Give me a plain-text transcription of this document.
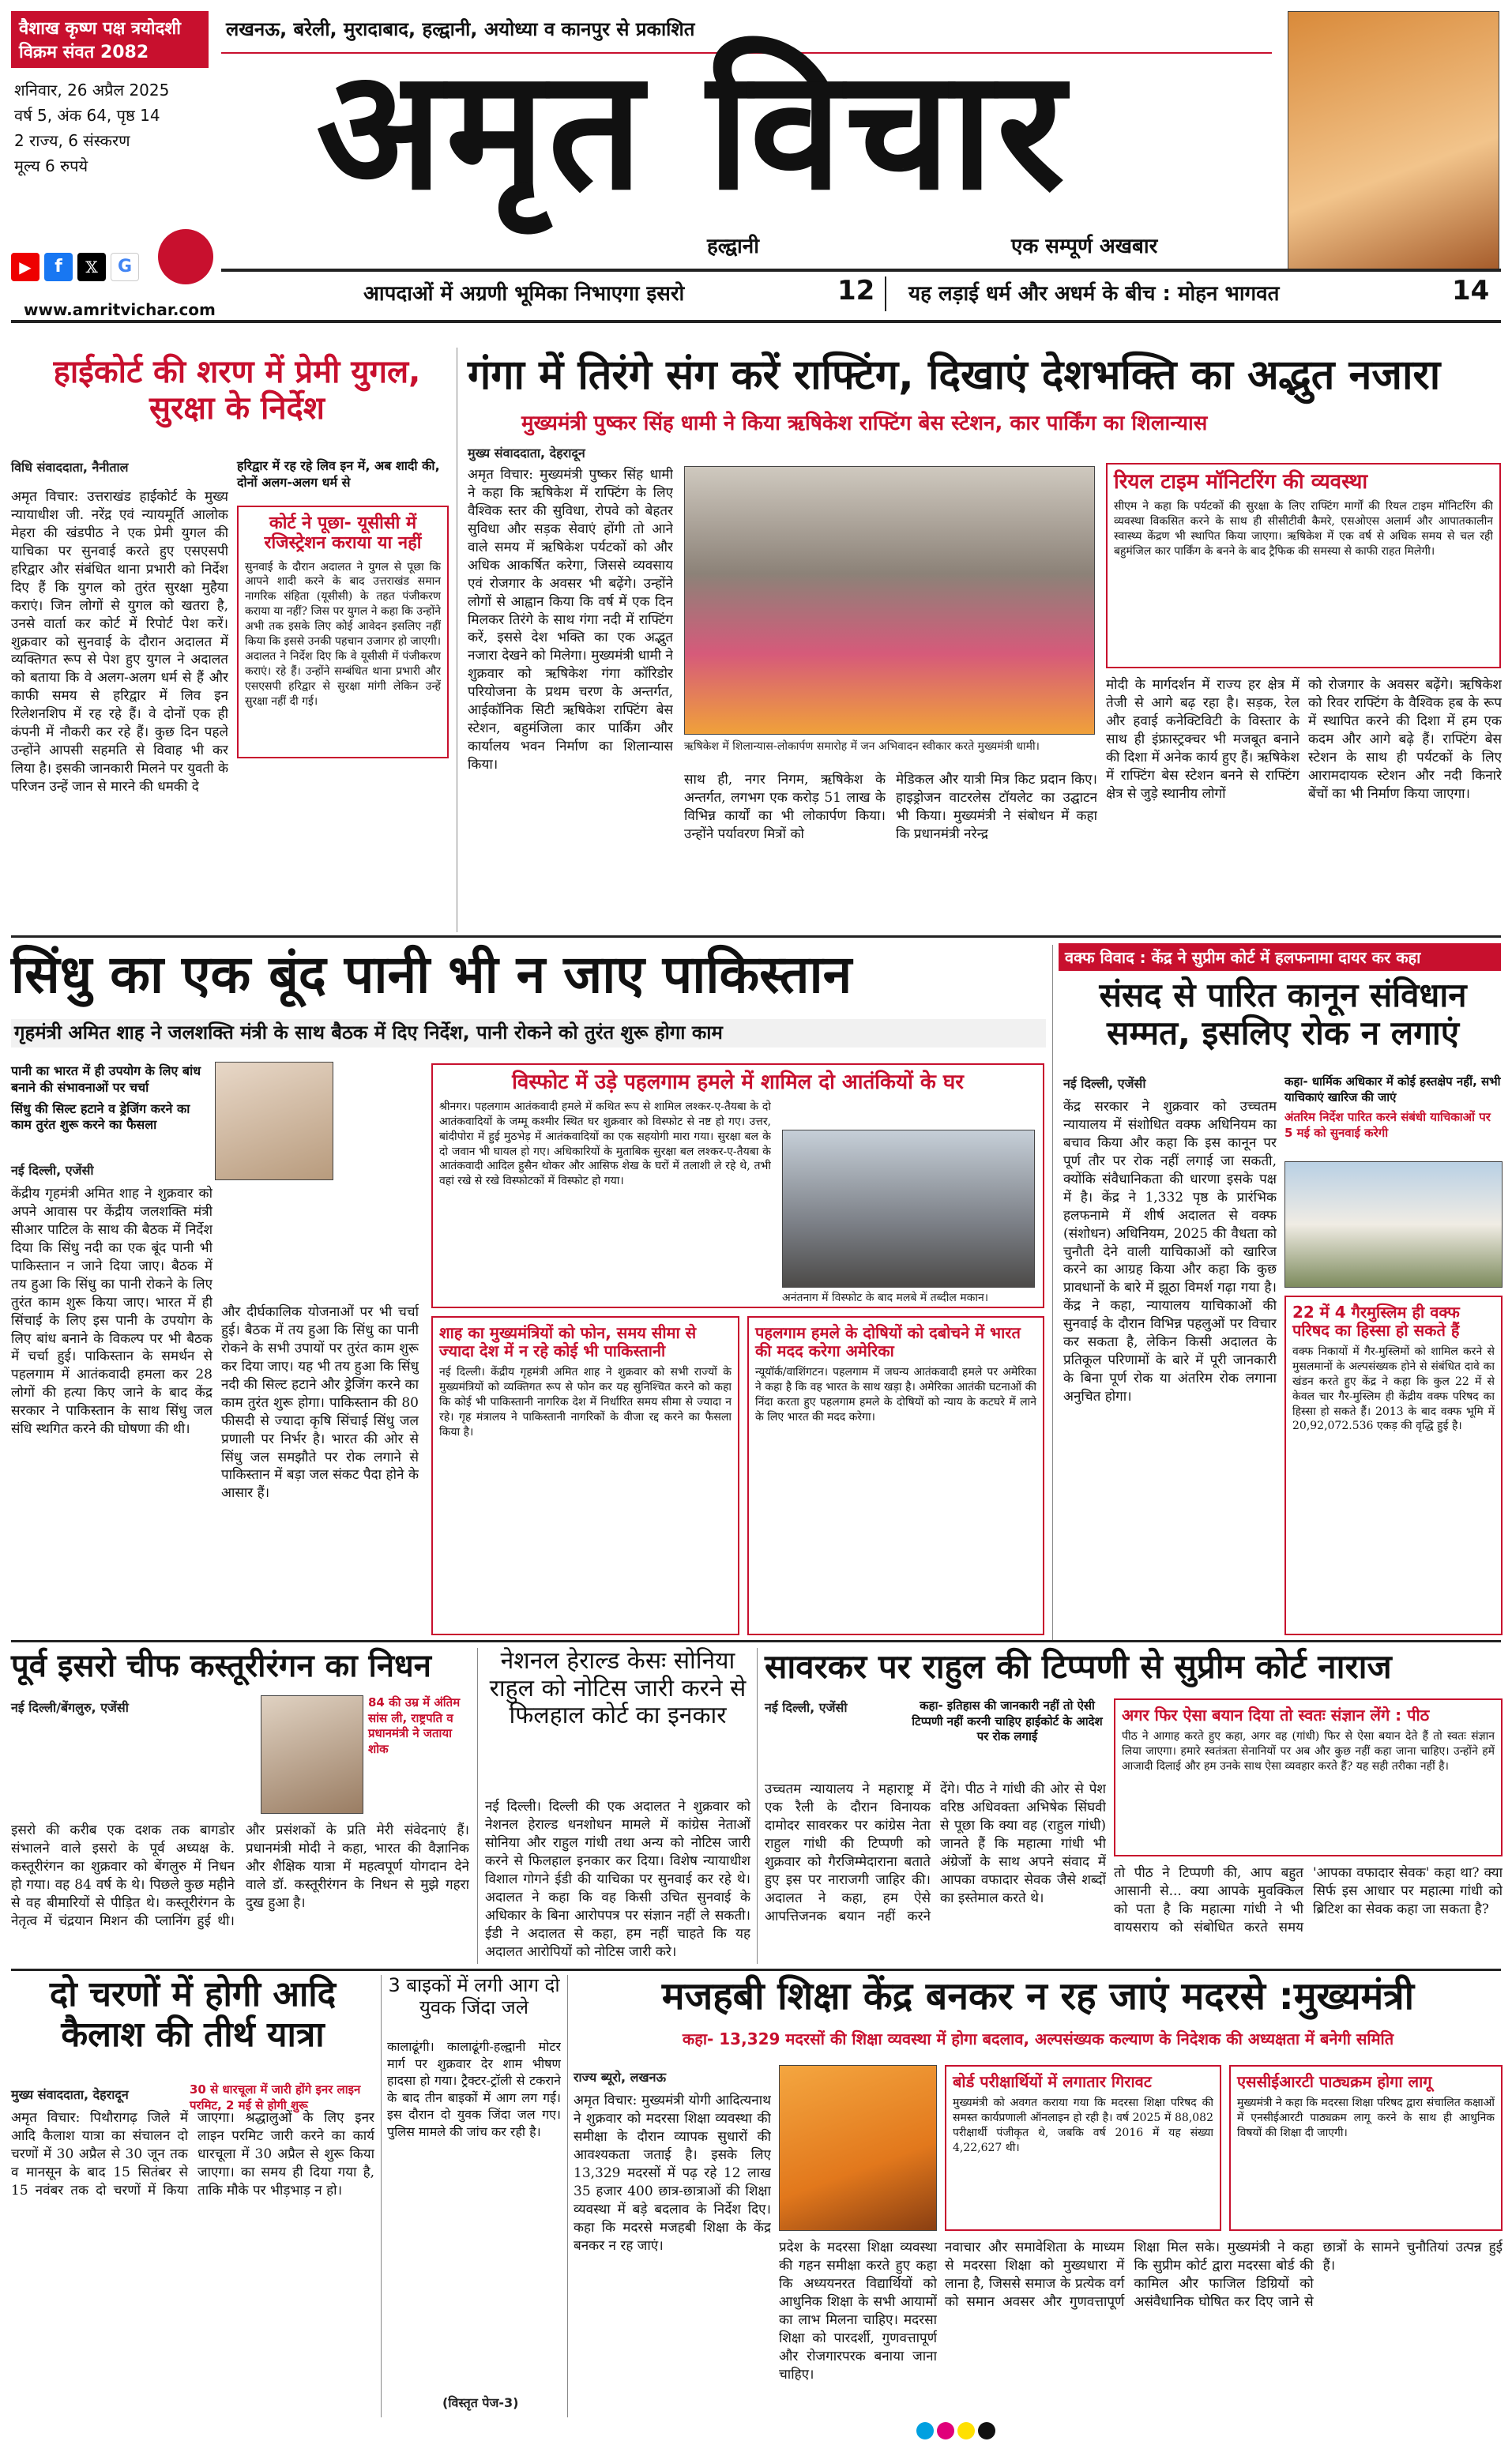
वैशाख कृष्ण पक्ष त्रयोदशी
विक्रम संवत 2082
शनिवार, 26 अप्रैल 2025
वर्ष 5, अंक 64, पृष्ठ 14
2 राज्य, 6 संस्करण
मूल्य 6 रुपये
▶	f	𝕏	G
www.amritvichar.com
लखनऊ, बरेली, मुरादाबाद, हल्द्वानी, अयोध्या व कानपुर से प्रकाशित
अमृत विचार
हल्द्वानी	एक सम्पूर्ण अखबार
आपदाओं में अग्रणी भूमिका निभाएगा इसरो	12 यह लड़ाई धर्म और अधर्म के बीच : मोहन भागवत	14
हाईकोर्ट की शरण में प्रेमी युगल, सुरक्षा के निर्देश
विधि संवाददाता, नैनीताल
अमृत विचार: उत्तराखंड हाईकोर्ट के मुख्य न्यायाधीश जी. नरेंद्र एवं न्यायमूर्ति आलोक मेहरा की खंडपीठ ने एक प्रेमी युगल की याचिका पर सुनवाई करते हुए एसएसपी हरिद्वार और संबंधित थाना प्रभारी को निर्देश दिए हैं कि युगल को तुरंत सुरक्षा मुहैया कराएं। जिन लोगों से युगल को खतरा है, उनसे वार्ता कर कोर्ट में रिपोर्ट पेश करें। शुक्रवार को सुनवाई के दौरान अदालत में व्यक्तिगत रूप से पेश हुए युगल ने अदालत को बताया कि वे अलग-अलग धर्म से हैं और काफी समय से हरिद्वार में लिव इन रिलेशनशिप में रह रहे हैं। वे दोनों एक ही कंपनी में नौकरी कर रहे हैं। कुछ दिन पहले उन्होंने आपसी सहमति से विवाह भी कर लिया है। इसकी जानकारी मिलने पर युवती के परिजन उन्हें जान से मारने की धमकी दे
हरिद्वार में रह रहे लिव इन में, अब शादी की, दोनों अलग-अलग धर्म से
कोर्ट ने पूछा- यूसीसी में रजिस्ट्रेशन कराया या नहीं
सुनवाई के दौरान अदालत ने युगल से पूछा कि आपने शादी करने के बाद उत्तराखंड समान नागरिक संहिता (यूसीसी) के तहत पंजीकरण कराया या नहीं? जिस पर युगल ने कहा कि उन्होंने अभी तक इसके लिए कोई आवेदन इसलिए नहीं किया कि इससे उनकी पहचान उजागर हो जाएगी। अदालत ने निर्देश दिए कि वे यूसीसी में पंजीकरण कराएं। रहे हैं। उन्होंने सम्बंधित थाना प्रभारी और एसएसपी हरिद्वार से सुरक्षा मांगी लेकिन उन्हें सुरक्षा नहीं दी गई।
गंगा में तिरंगे संग करें राफ्टिंग, दिखाएं देशभक्ति का अद्भुत नजारा
मुख्यमंत्री पुष्कर सिंह धामी ने किया ऋषिकेश राफ्टिंग बेस स्टेशन, कार पार्किंग का शिलान्यास
मुख्य संवाददाता, देहरादून
अमृत विचार: मुख्यमंत्री पुष्कर सिंह धामी ने कहा कि ऋषिकेश में राफ्टिंग के लिए वैश्विक स्तर की सुविधा, रोपवे को बेहतर सुविधा और सड़क सेवाएं होंगी तो आने वाले समय में ऋषिकेश पर्यटकों को और अधिक आकर्षित करेगा, जिससे व्यवसाय एवं रोजगार के अवसर भी बढ़ेंगे। उन्होंने लोगों से आह्वान किया कि वर्ष में एक दिन मिलकर तिरंगे के साथ गंगा नदी में राफ्टिंग करें, इससे देश भक्ति का एक अद्भुत नजारा देखने को मिलेगा। मुख्यमंत्री धामी ने शुक्रवार को ऋषिकेश गंगा कॉरिडोर परियोजना के प्रथम चरण के अन्तर्गत, आईकॉनिक सिटी ऋषिकेश राफ्टिंग बेस स्टेशन, बहुमंजिला कार पार्किंग और कार्यालय भवन निर्माण का शिलान्यास किया।
ऋषिकेश में शिलान्यास-लोकार्पण समारोह में जन अभिवादन स्वीकार करते मुख्यमंत्री धामी।
साथ ही, नगर निगम, ऋषिकेश के अन्तर्गत, लगभग एक करोड़ 51 लाख के विभिन्न कार्यों का भी लोकार्पण किया। उन्होंने पर्यावरण मित्रों को
मेडिकल और यात्री मित्र किट प्रदान किए। हाइड्रोजन वाटरलेस टॉयलेट का उद्घाटन भी किया। मुख्यमंत्री ने संबोधन में कहा कि प्रधानमंत्री नरेन्द्र
रियल टाइम मॉनिटरिंग की व्यवस्था
सीएम ने कहा कि पर्यटकों की सुरक्षा के लिए राफ्टिंग मार्गों की रियल टाइम मॉनिटरिंग की व्यवस्था विकसित करने के साथ ही सीसीटीवी कैमरे, एसओएस अलार्म और आपातकालीन स्वास्थ्य केंद्रण भी स्थापित किया जाएगा। ऋषिकेश में एक वर्ष से अधिक समय से चल रही बहुमंजिल कार पार्किंग के बनने के बाद ट्रैफिक की समस्या से काफी राहत मिलेगी।
मोदी के मार्गदर्शन में राज्य हर क्षेत्र में तेजी से आगे बढ़ रहा है। सड़क, रेल और हवाई कनेक्टिविटी के विस्तार के साथ ही इंफ्रास्ट्रक्चर भी मजबूत बनाने की दिशा में अनेक कार्य हुए हैं। ऋषिकेश में राफ्टिंग बेस स्टेशन बनने से राफ्टिंग क्षेत्र से जुड़े स्थानीय लोगों
को रोजगार के अवसर बढ़ेंगे। ऋषिकेश को रिवर राफ्टिंग के वैश्विक हब के रूप में स्थापित करने की दिशा में हम एक कदम और आगे बढ़े हैं। राफ्टिंग बेस स्टेशन के साथ ही पर्यटकों के लिए आरामदायक स्टेशन और नदी किनारे बेंचों का भी निर्माण किया जाएगा।
सिंधु का एक बूंद पानी भी न जाए पाकिस्तान
गृहमंत्री अमित शाह ने जलशक्ति मंत्री के साथ बैठक में दिए निर्देश, पानी रोकने को तुरंत शुरू होगा काम
पानी का भारत में ही उपयोग के लिए बांध बनाने की संभावनाओं पर चर्चा
सिंधु की सिल्ट हटाने व ड्रेजिंग करने का काम तुरंत शुरू करने का फैसला
नई दिल्ली, एजेंसी
केंद्रीय गृहमंत्री अमित शाह ने शुक्रवार को अपने आवास पर केंद्रीय जलशक्ति मंत्री सीआर पाटिल के साथ की बैठक में निर्देश दिया कि सिंधु नदी का एक बूंद पानी भी पाकिस्तान न जाने दिया जाए। बैठक में तय हुआ कि सिंधु का पानी रोकने के लिए तुरंत काम शुरू किया जाए। भारत में ही सिंचाई के लिए इस पानी के उपयोग के लिए बांध बनाने के विकल्प पर भी बैठक में चर्चा हुई। पाकिस्तान के समर्थन से पहलगाम में आतंकवादी हमला कर 28 लोगों की हत्या किए जाने के बाद केंद्र सरकार ने पाकिस्तान के साथ सिंधु जल संधि स्थगित करने की घोषणा की थी।
और दीर्घकालिक योजनाओं पर भी चर्चा हुई। बैठक में तय हुआ कि सिंधु का पानी रोकने के सभी उपायों पर तुरंत काम शुरू कर दिया जाए। यह भी तय हुआ कि सिंधु नदी की सिल्ट हटाने और ड्रेजिंग करने का काम तुरंत शुरू होगा। पाकिस्तान की 80 फीसदी से ज्यादा कृषि सिंचाई सिंधु जल प्रणाली पर निर्भर है। भारत की ओर से सिंधु जल समझौते पर रोक लगाने से पाकिस्तान में बड़ा जल संकट पैदा होने के आसार हैं।
विस्फोट में उड़े पहलगाम हमले में शामिल दो आतंकियों के घर
श्रीनगर। पहलगाम आतंकवादी हमले में कथित रूप से शामिल लश्कर-ए-तैयबा के दो आतंकवादियों के जम्मू कश्मीर स्थित घर शुक्रवार को विस्फोट से नष्ट हो गए। उत्तर, बांदीपोरा में हुई मुठभेड़ में आतंकवादियों का एक सहयोगी मारा गया। सुरक्षा बल के दो जवान भी घायल हो गए। अधिकारियों के मुताबिक सुरक्षा बल लश्कर-ए-तैयबा के आतंकवादी आदिल हुसैन थोकर और आसिफ शेख के घरों में तलाशी ले रहे थे, तभी वहां रखे से रखे विस्फोटकों में विस्फोट हो गया।
अनंतनाग में विस्फोट के बाद मलबे में तब्दील मकान।
शाह का मुख्यमंत्रियों को फोन, समय सीमा से ज्यादा देश में न रहे कोई भी पाकिस्तानी
नई दिल्ली। केंद्रीय गृहमंत्री अमित शाह ने शुक्रवार को सभी राज्यों के मुख्यमंत्रियों को व्यक्तिगत रूप से फोन कर यह सुनिश्चित करने को कहा कि कोई भी पाकिस्तानी नागरिक देश में निर्धारित समय सीमा से ज्यादा न रहे। गृह मंत्रालय ने पाकिस्तानी नागरिकों के वीजा रद्द करने का फैसला किया है।
पहलगाम हमले के दोषियों को दबोचने में भारत की मदद करेगा अमेरिका
न्यूयॉर्क/वाशिंगटन। पहलगाम में जघन्य आतंकवादी हमले पर अमेरिका ने कहा है कि वह भारत के साथ खड़ा है। अमेरिका आतंकी घटनाओं की निंदा करता हुए पहलगाम हमले के दोषियों को न्याय के कटघरे में लाने के लिए भारत की मदद करेगा।
वक्फ विवाद : केंद्र ने सुप्रीम कोर्ट में हलफनामा दायर कर कहा
संसद से पारित कानून संविधान सम्मत, इसलिए रोक न लगाएं
नई दिल्ली, एजेंसी
केंद्र सरकार ने शुक्रवार को उच्चतम न्यायालय में संशोधित वक्फ अधिनियम का बचाव किया और कहा कि इस कानून पर पूर्ण तौर पर रोक नहीं लगाई जा सकती, क्योंकि संवैधानिकता की धारणा इसके पक्ष में है। केंद्र ने 1,332 पृष्ठ के प्रारंभिक हलफनामे में शीर्ष अदालत से वक्फ (संशोधन) अधिनियम, 2025 की वैधता को चुनौती देने वाली याचिकाओं को खारिज करने का आग्रह किया और कहा कि कुछ प्रावधानों के बारे में झूठा विमर्श गढ़ा गया है। केंद्र ने कहा, न्यायालय याचिकाओं की सुनवाई के दौरान विभिन्न पहलुओं पर विचार कर सकता है, लेकिन किसी अदालत के प्रतिकूल परिणामों के बारे में पूरी जानकारी के बिना पूर्ण रोक या अंतरिम रोक लगाना अनुचित होगा।
कहा- धार्मिक अधिकार में कोई हस्तक्षेप नहीं, सभी याचिकाएं खारिज की जाएं
अंतरिम निर्देश पारित करने संबंधी याचिकाओं पर 5 मई को सुनवाई करेगी
22 में 4 गैरमुस्लिम ही वक्फ परिषद का हिस्सा हो सकते हैं
वक्फ निकायों में गैर-मुस्लिमों को शामिल करने से मुसलमानों के अल्पसंख्यक होने से संबंधित दावे का खंडन करते हुए केंद्र ने कहा कि कुल 22 में से केवल चार गैर-मुस्लिम ही केंद्रीय वक्फ परिषद का हिस्सा हो सकते हैं। 2013 के बाद वक्फ भूमि में 20,92,072.536 एकड़ की वृद्धि हुई है।
पूर्व इसरो चीफ कस्तूरीरंगन का निधन
नई दिल्ली/बेंगलुरु, एजेंसी	84 की उम्र में अंतिम सांस ली, राष्ट्रपति व प्रधानमंत्री ने जताया शोक
इसरो की करीब एक दशक तक बागडोर संभालने वाले इसरो के पूर्व अध्यक्ष के. कस्तूरीरंगन का शुक्रवार को बेंगलुरु में निधन हो गया। वह 84 वर्ष के थे। पिछले कुछ महीने से वह बीमारियों से पीड़ित थे। कस्तूरीरंगन के नेतृत्व में चंद्रयान मिशन की प्लानिंग हुई थी। और प्रसंशकों के प्रति मेरी संवेदनाएं हैं। प्रधानमंत्री मोदी ने कहा, भारत की वैज्ञानिक और शैक्षिक यात्रा में महत्वपूर्ण योगदान देने वाले डॉ. कस्तूरीरंगन के निधन से मुझे गहरा दुख हुआ है।
नेशनल हेराल्ड केसः सोनिया राहुल को नोटिस जारी करने से फिलहाल कोर्ट का इनकार
नई दिल्ली। दिल्ली की एक अदालत ने शुक्रवार को नेशनल हेराल्ड धनशोधन मामले में कांग्रेस नेताओं सोनिया और राहुल गांधी तथा अन्य को नोटिस जारी करने से फिलहाल इनकार कर दिया। विशेष न्यायाधीश विशाल गोगने ईडी की याचिका पर सुनवाई कर रहे थे। अदालत ने कहा कि वह किसी उचित सुनवाई के अधिकार के बिना आरोपपत्र पर संज्ञान नहीं ले सकती। ईडी ने अदालत से कहा, हम नहीं चाहते कि यह अदालत आरोपियों को नोटिस जारी करे।
सावरकर पर राहुल की टिप्पणी से सुप्रीम कोर्ट नाराज
नई दिल्ली, एजेंसी	कहा- इतिहास की जानकारी नहीं तो ऐसी टिप्पणी नहीं करनी चाहिए हाईकोर्ट के आदेश पर रोक लगाई
उच्चतम न्यायालय ने महाराष्ट्र में एक रैली के दौरान विनायक दामोदर सावरकर पर कांग्रेस नेता राहुल गांधी की टिप्पणी को शुक्रवार को गैरजिम्मेदाराना बताते हुए इस पर नाराजगी जाहिर की। अदालत ने कहा, हम ऐसे आपत्तिजनक बयान नहीं करने देंगे। पीठ ने गांधी की ओर से पेश वरिष्ठ अधिवक्ता अभिषेक सिंघवी से पूछा कि क्या वह (राहुल गांधी) जानते हैं कि महात्मा गांधी भी अंग्रेजों के साथ अपने संवाद में आपका वफादार सेवक जैसे शब्दों का इस्तेमाल करते थे।
अगर फिर ऐसा बयान दिया तो स्वतः संज्ञान लेंगे : पीठ
पीठ ने आगाह करते हुए कहा, अगर वह (गांधी) फिर से ऐसा बयान देते हैं तो स्वतः संज्ञान लिया जाएगा। हमारे स्वतंत्रता सेनानियों पर अब और कुछ नहीं कहा जाना चाहिए। उन्होंने हमें आजादी दिलाई और हम उनके साथ ऐसा व्यवहार करते हैं? यह सही तरीका नहीं है।
तो पीठ ने टिप्पणी की, आप बहुत आसानी से... क्या आपके मुवक्किल को पता है कि महात्मा गांधी ने भी वायसराय को संबोधित करते समय 'आपका वफादार सेवक' कहा था? क्या सिर्फ इस आधार पर महात्मा गांधी को ब्रिटिश का सेवक कहा जा सकता है?
दो चरणों में होगी आदि कैलाश की तीर्थ यात्रा
मुख्य संवाददाता, देहरादून	30 से धारचूला में जारी होंगे इनर लाइन परमिट, 2 मई से होगी शुरू
अमृत विचार: पिथौरागढ़ जिले में आदि कैलाश यात्रा का संचालन दो चरणों में 30 अप्रैल से 30 जून तक व मानसून के बाद 15 सितंबर से 15 नवंबर तक दो चरणों में किया जाएगा। श्रद्धालुओं के लिए इनर लाइन परमिट जारी करने का कार्य धारचूला में 30 अप्रैल से शुरू किया जाएगा। का समय ही दिया गया है, ताकि मौके पर भीड़भाड़ न हो।
3 बाइकों में लगी आग दो युवक जिंदा जले
कालाढूंगी। कालाढूंगी-हल्द्वानी मोटर मार्ग पर शुक्रवार देर शाम भीषण हादसा हो गया। ट्रैक्टर-ट्रॉली से टकराने के बाद तीन बाइकों में आग लग गई। इस दौरान दो युवक जिंदा जल गए। पुलिस मामले की जांच कर रही है।
(विस्तृत पेज-3)
मजहबी शिक्षा केंद्र बनकर न रह जाएं मदरसे :मुख्यमंत्री
कहा- 13,329 मदरसों की शिक्षा व्यवस्था में होगा बदलाव, अल्पसंख्यक कल्याण के निदेशक की अध्यक्षता में बनेगी समिति
राज्य ब्यूरो, लखनऊ
अमृत विचार: मुख्यमंत्री योगी आदित्यनाथ ने शुक्रवार को मदरसा शिक्षा व्यवस्था की समीक्षा के दौरान व्यापक सुधारों की आवश्यकता जताई है। इसके लिए 13,329 मदरसों में पढ़ रहे 12 लाख 35 हजार 400 छात्र-छात्राओं की शिक्षा व्यवस्था में बड़े बदलाव के निर्देश दिए। कहा कि मदरसे मजहबी शिक्षा के केंद्र बनकर न रह जाएं।	प्रदेश के मदरसा शिक्षा व्यवस्था की गहन समीक्षा करते हुए कहा कि अध्ययनरत विद्यार्थियों को आधुनिक शिक्षा के सभी आयामों का लाभ मिलना चाहिए। मदरसा शिक्षा को पारदर्शी, गुणवत्तापूर्ण और रोजगारपरक बनाया जाना चाहिए।
बोर्ड परीक्षार्थियों में लगातार गिरावट
मुख्यमंत्री को अवगत कराया गया कि मदरसा शिक्षा परिषद की समस्त कार्यप्रणाली ऑनलाइन हो रही है। वर्ष 2025 में 88,082 परीक्षार्थी पंजीकृत थे, जबकि वर्ष 2016 में यह संख्या 4,22,627 थी।
एससीईआरटी पाठ्यक्रम होगा लागू
मुख्यमंत्री ने कहा कि मदरसा शिक्षा परिषद द्वारा संचालित कक्षाओं में एनसीईआरटी पाठ्यक्रम लागू करने के साथ ही आधुनिक विषयों की शिक्षा दी जाएगी।
नवाचार और समावेशिता के माध्यम से मदरसा शिक्षा को मुख्यधारा में लाना है, जिससे समाज के प्रत्येक वर्ग को समान अवसर और गुणवत्तापूर्ण शिक्षा मिल सके। मुख्यमंत्री ने कहा कि सुप्रीम कोर्ट द्वारा मदरसा बोर्ड की कामिल और फाजिल डिग्रियों को असंवैधानिक घोषित कर दिए जाने से छात्रों के सामने चुनौतियां उत्पन्न हुई हैं।
